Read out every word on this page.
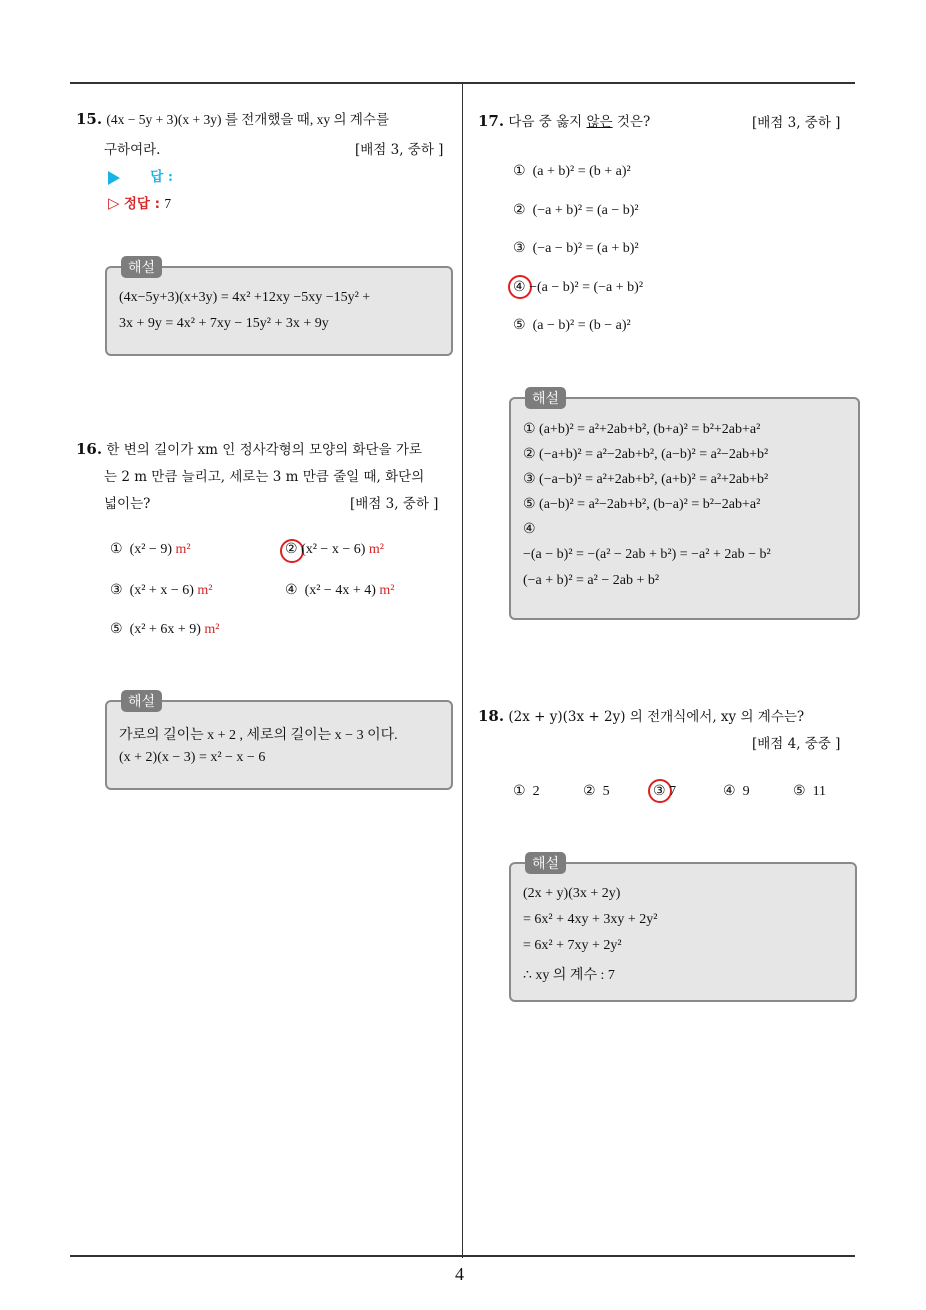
4
15. (4x − 5y + 3)(x + 3y) 를 전개했을 때, xy 의 계수를
구하여라.	[배점 3, 중하 ]
답 :
▷ 정답 : 7
해설
(4x−5y+3)(x+3y) = 4x² +12xy −5xy −15y² +
3x + 9y = 4x² + 7xy − 15y² + 3x + 9y
16. 한 변의 길이가 xm 인 정사각형의 모양의 화단을 가로
는 2 m 만큼 늘리고, 세로는 3 m 만큼 줄일 때, 화단의
넓이는?	[배점 3, 중하 ]
① (x² − 9) m²	② (x² − x − 6) m²
③ (x² + x − 6) m²	④ (x² − 4x + 4) m²
⑤ (x² + 6x + 9) m²
해설
가로의 길이는 x + 2 , 세로의 길이는 x − 3 이다.
(x + 2)(x − 3) = x² − x − 6
17. 다음 중 옳지 않은 것은?	[배점 3, 중하 ]
① (a + b)² = (b + a)²
② (−a + b)² = (a − b)²
③ (−a − b)² = (a + b)²
④ −(a − b)² = (−a + b)²
⑤ (a − b)² = (b − a)²
해설
① (a+b)² = a²+2ab+b², (b+a)² = b²+2ab+a²
② (−a+b)² = a²−2ab+b², (a−b)² = a²−2ab+b²
③ (−a−b)² = a²+2ab+b², (a+b)² = a²+2ab+b²
⑤ (a−b)² = a²−2ab+b², (b−a)² = b²−2ab+a²
④
−(a − b)² = −(a² − 2ab + b²) = −a² + 2ab − b²
(−a + b)² = a² − 2ab + b²
18. (2x + y)(3x + 2y) 의 전개식에서, xy 의 계수는?
[배점 4, 중중 ]
① 2	② 5	③ 7	④ 9	⑤ 11
해설
(2x + y)(3x + 2y)
= 6x² + 4xy + 3xy + 2y²
= 6x² + 7xy + 2y²
∴ xy 의 계수 : 7
